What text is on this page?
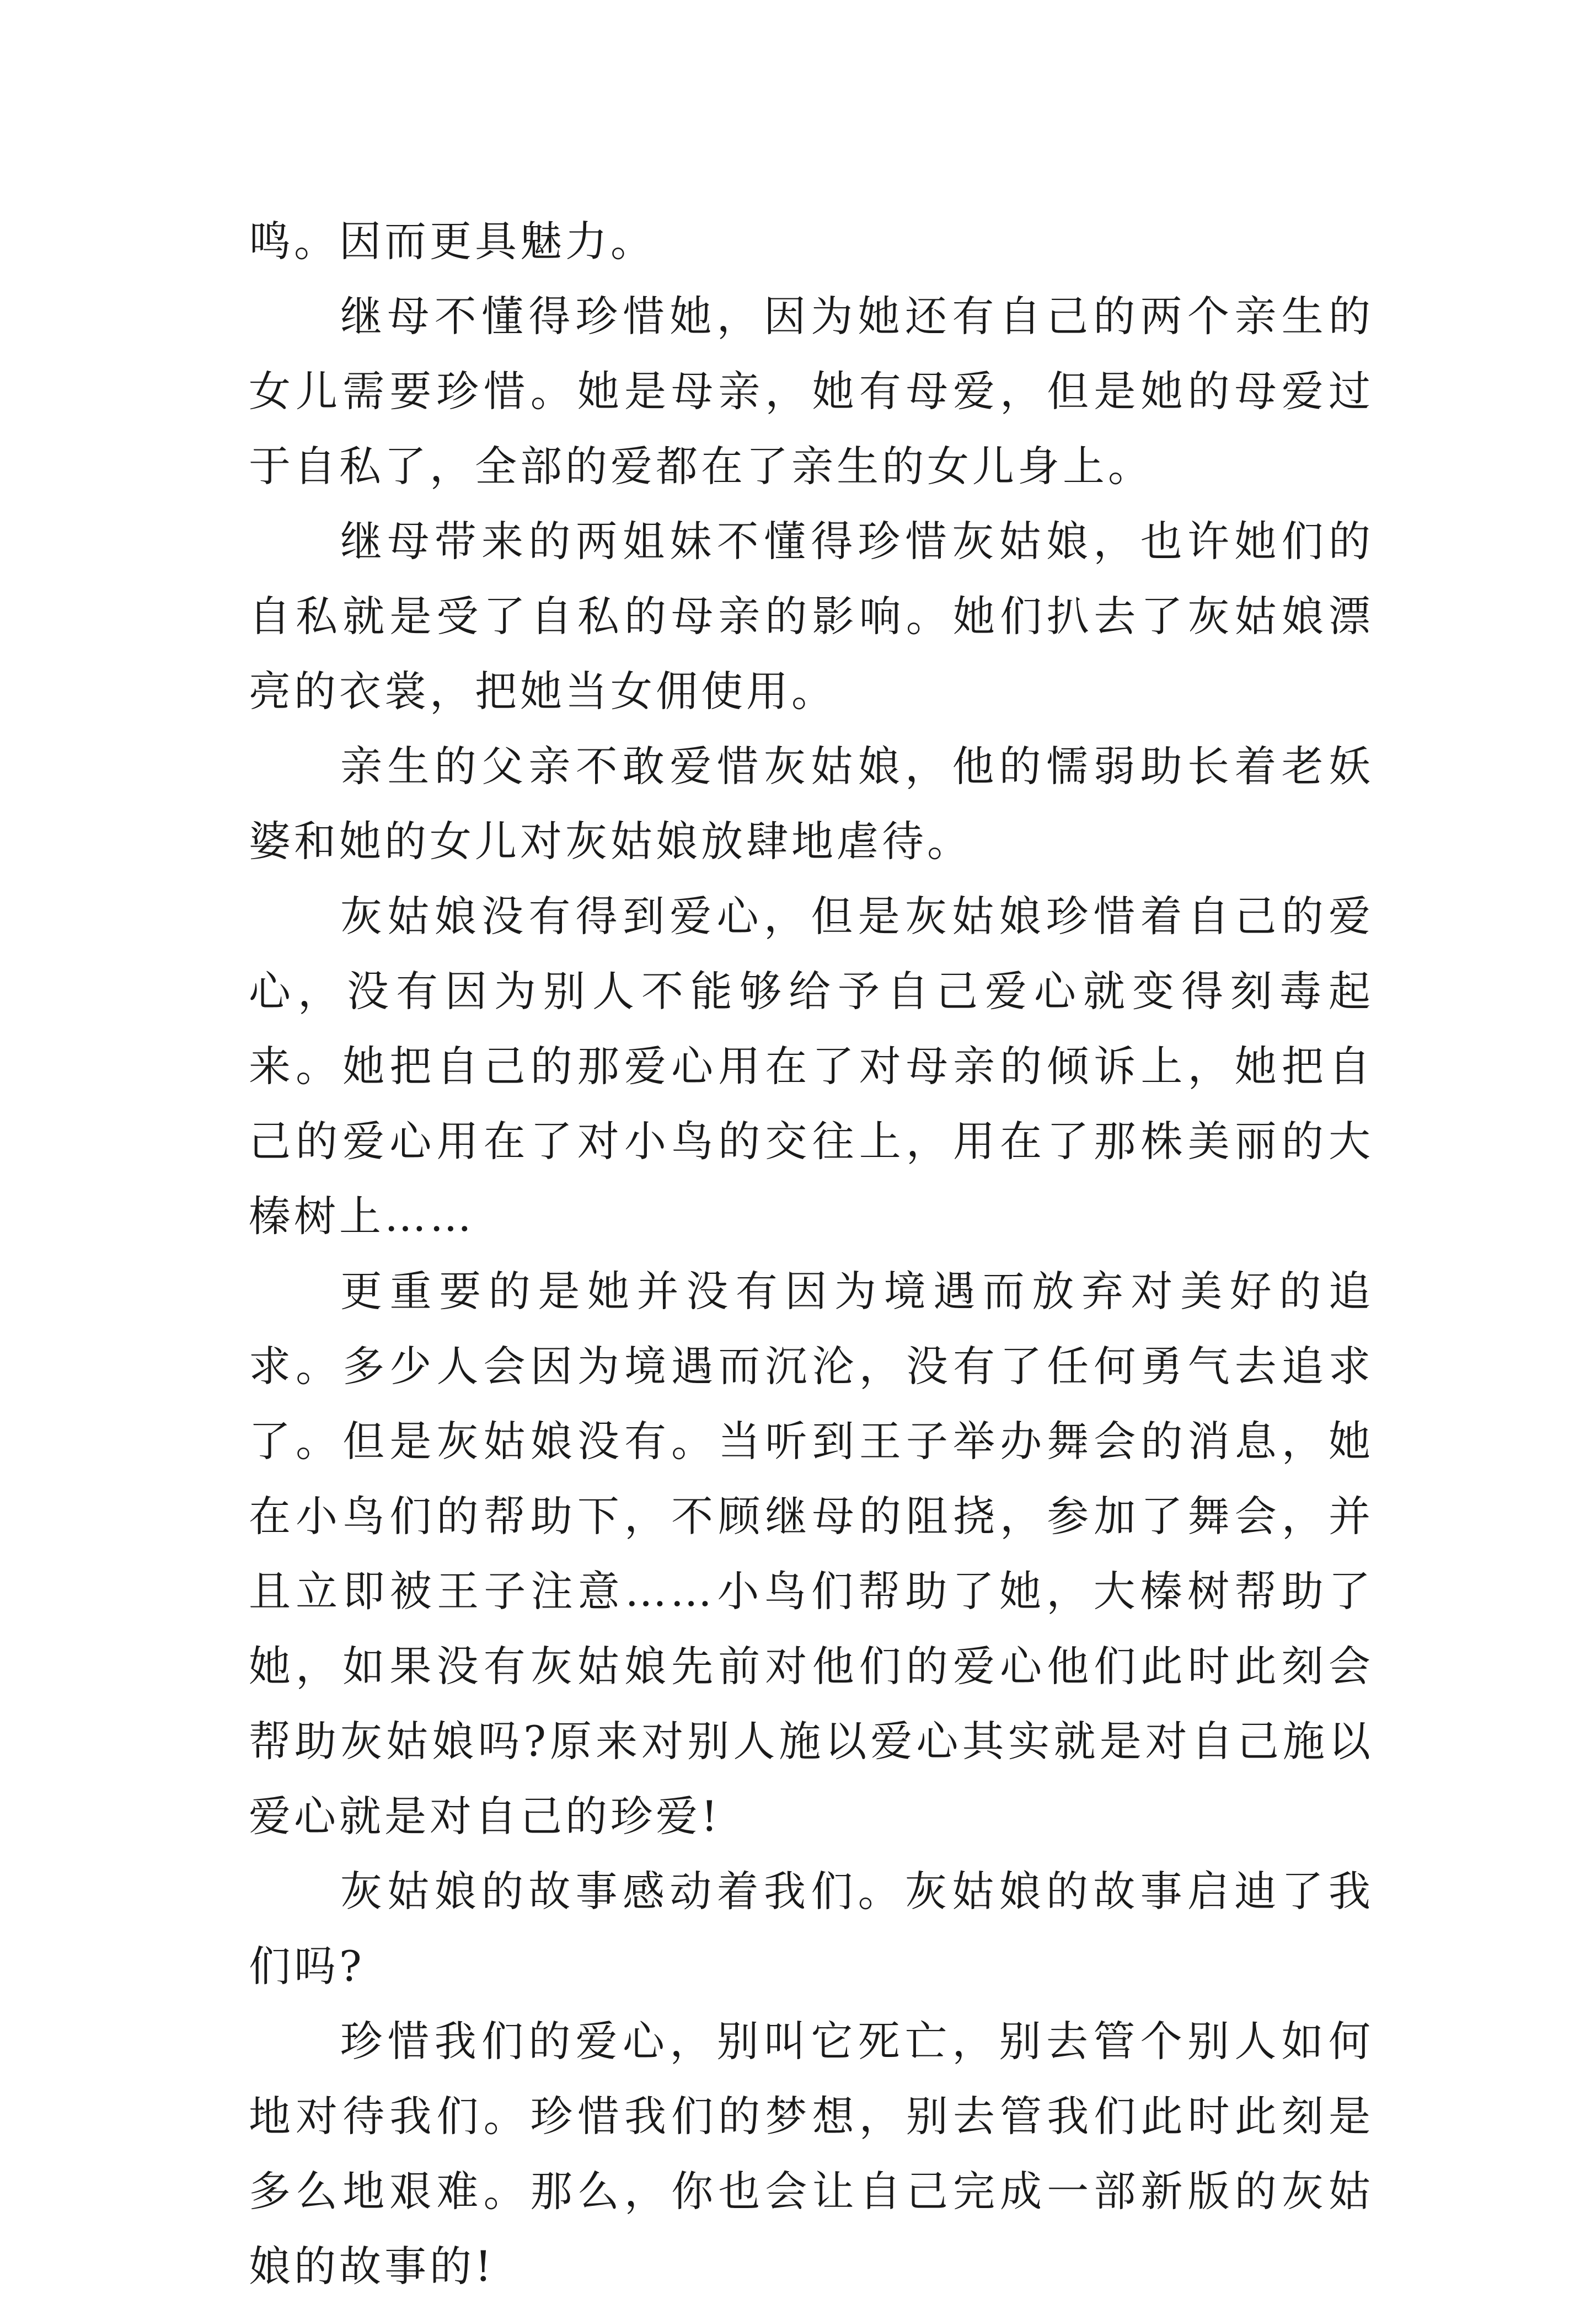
鸣。因而更具魅力。

继母不懂得珍惜她，因为她还有自己的两个亲生的女儿需要珍惜。她是母亲，她有母爱，但是她的母爱过于自私了，全部的爱都在了亲生的女儿身上。

继母带来的两姐妹不懂得珍惜灰姑娘，也许她们的自私就是受了自私的母亲的影响。她们扒去了灰姑娘漂亮的衣裳，把她当女佣使用。

亲生的父亲不敢爱惜灰姑娘，他的懦弱助长着老妖婆和她的女儿对灰姑娘放肆地虐待。

灰姑娘没有得到爱心，但是灰姑娘珍惜着自己的爱心，没有因为别人不能够给予自己爱心就变得刻毒起来。她把自己的那爱心用在了对母亲的倾诉上，她把自己的爱心用在了对小鸟的交往上，用在了那株美丽的大榛树上……

更重要的是她并没有因为境遇而放弃对美好的追求。多少人会因为境遇而沉沦，没有了任何勇气去追求了。但是灰姑娘没有。当听到王子举办舞会的消息，她在小鸟们的帮助下，不顾继母的阻挠，参加了舞会，并且立即被王子注意……小鸟们帮助了她，大榛树帮助了她，如果没有灰姑娘先前对他们的爱心他们此时此刻会帮助灰姑娘吗?原来对别人施以爱心其实就是对自己施以爱心就是对自己的珍爱!

灰姑娘的故事感动着我们。灰姑娘的故事启迪了我们吗?

珍惜我们的爱心，别叫它死亡，别去管个别人如何地对待我们。珍惜我们的梦想，别去管我们此时此刻是多么地艰难。那么，你也会让自己完成一部新版的灰姑娘的故事的!
